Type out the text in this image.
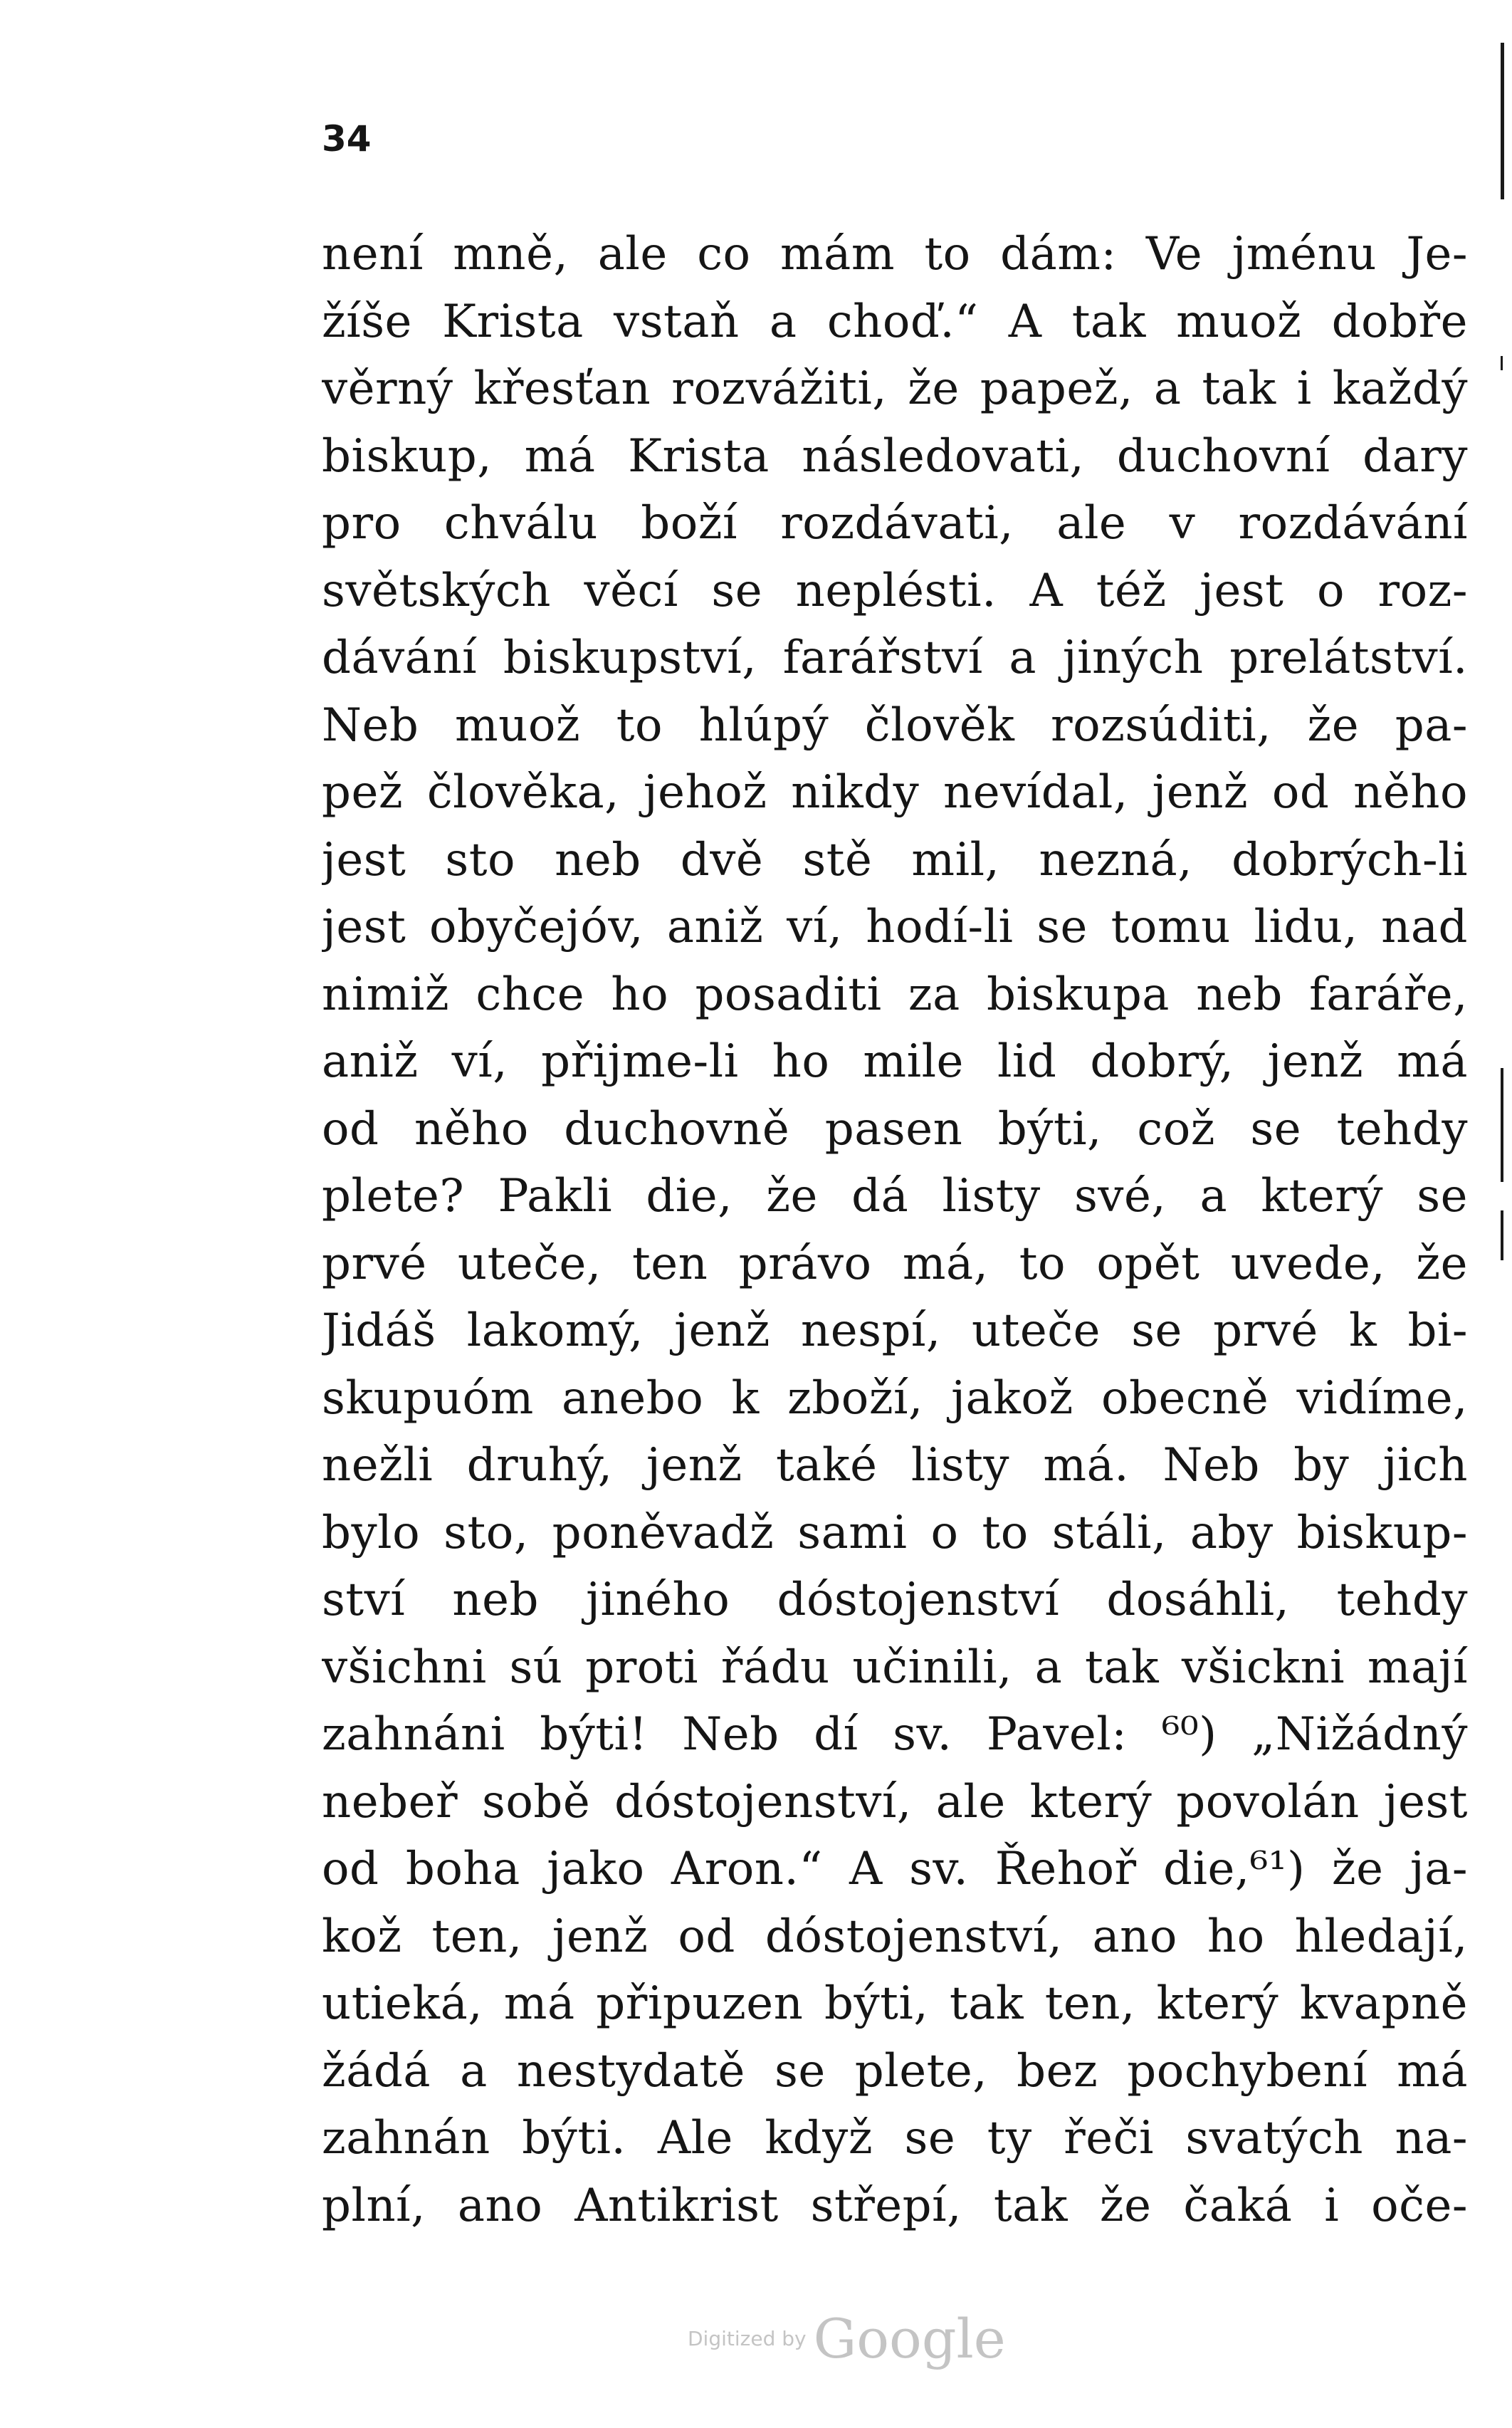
34
není mně, ale co mám to dám: Ve jménu Je-
žíše Krista vstaň a choď.“ A tak muož dobře
věrný křesťan rozvážiti, že papež, a tak i každý
biskup, má Krista následovati, duchovní dary
pro chválu boží rozdávati, ale v rozdávání
světských věcí se neplésti. A též jest o roz-
dávání biskupství, farářství a jiných prelátství.
Neb muož to hlúpý člověk rozsúditi, že pa-
pež člověka, jehož nikdy nevídal, jenž od něho
jest sto neb dvě stě mil, nezná, dobrých-li
jest obyčejóv, aniž ví, hodí-li se tomu lidu, nad
nimiž chce ho posaditi za biskupa neb faráře,
aniž ví, přijme-li ho mile lid dobrý, jenž má
od něho duchovně pasen býti, což se tehdy
plete? Pakli die, že dá listy své, a který se
prvé uteče, ten právo má, to opět uvede, že
Jidáš lakomý, jenž nespí, uteče se prvé k bi-
skupuóm anebo k zboží, jakož obecně vidíme,
nežli druhý, jenž také listy má. Neb by jich
bylo sto, poněvadž sami o to stáli, aby biskup-
ství neb jiného dóstojenství dosáhli, tehdy
všichni sú proti řádu učinili, a tak všickni mají
zahnáni býti! Neb dí sv. Pavel: ⁶⁰) „Nižádný
nebeř sobě dóstojenství, ale který povolán jest
od boha jako Aron.“ A sv. Řehoř die,⁶¹) že ja-
kož ten, jenž od dóstojenství, ano ho hledají,
utieká, má připuzen býti, tak ten, který kvapně
žádá a nestydatě se plete, bez pochybení má
zahnán býti. Ale když se ty řeči svatých na-
plní, ano Antikrist střepí, tak že čaká i oče-
Digitized by Google
